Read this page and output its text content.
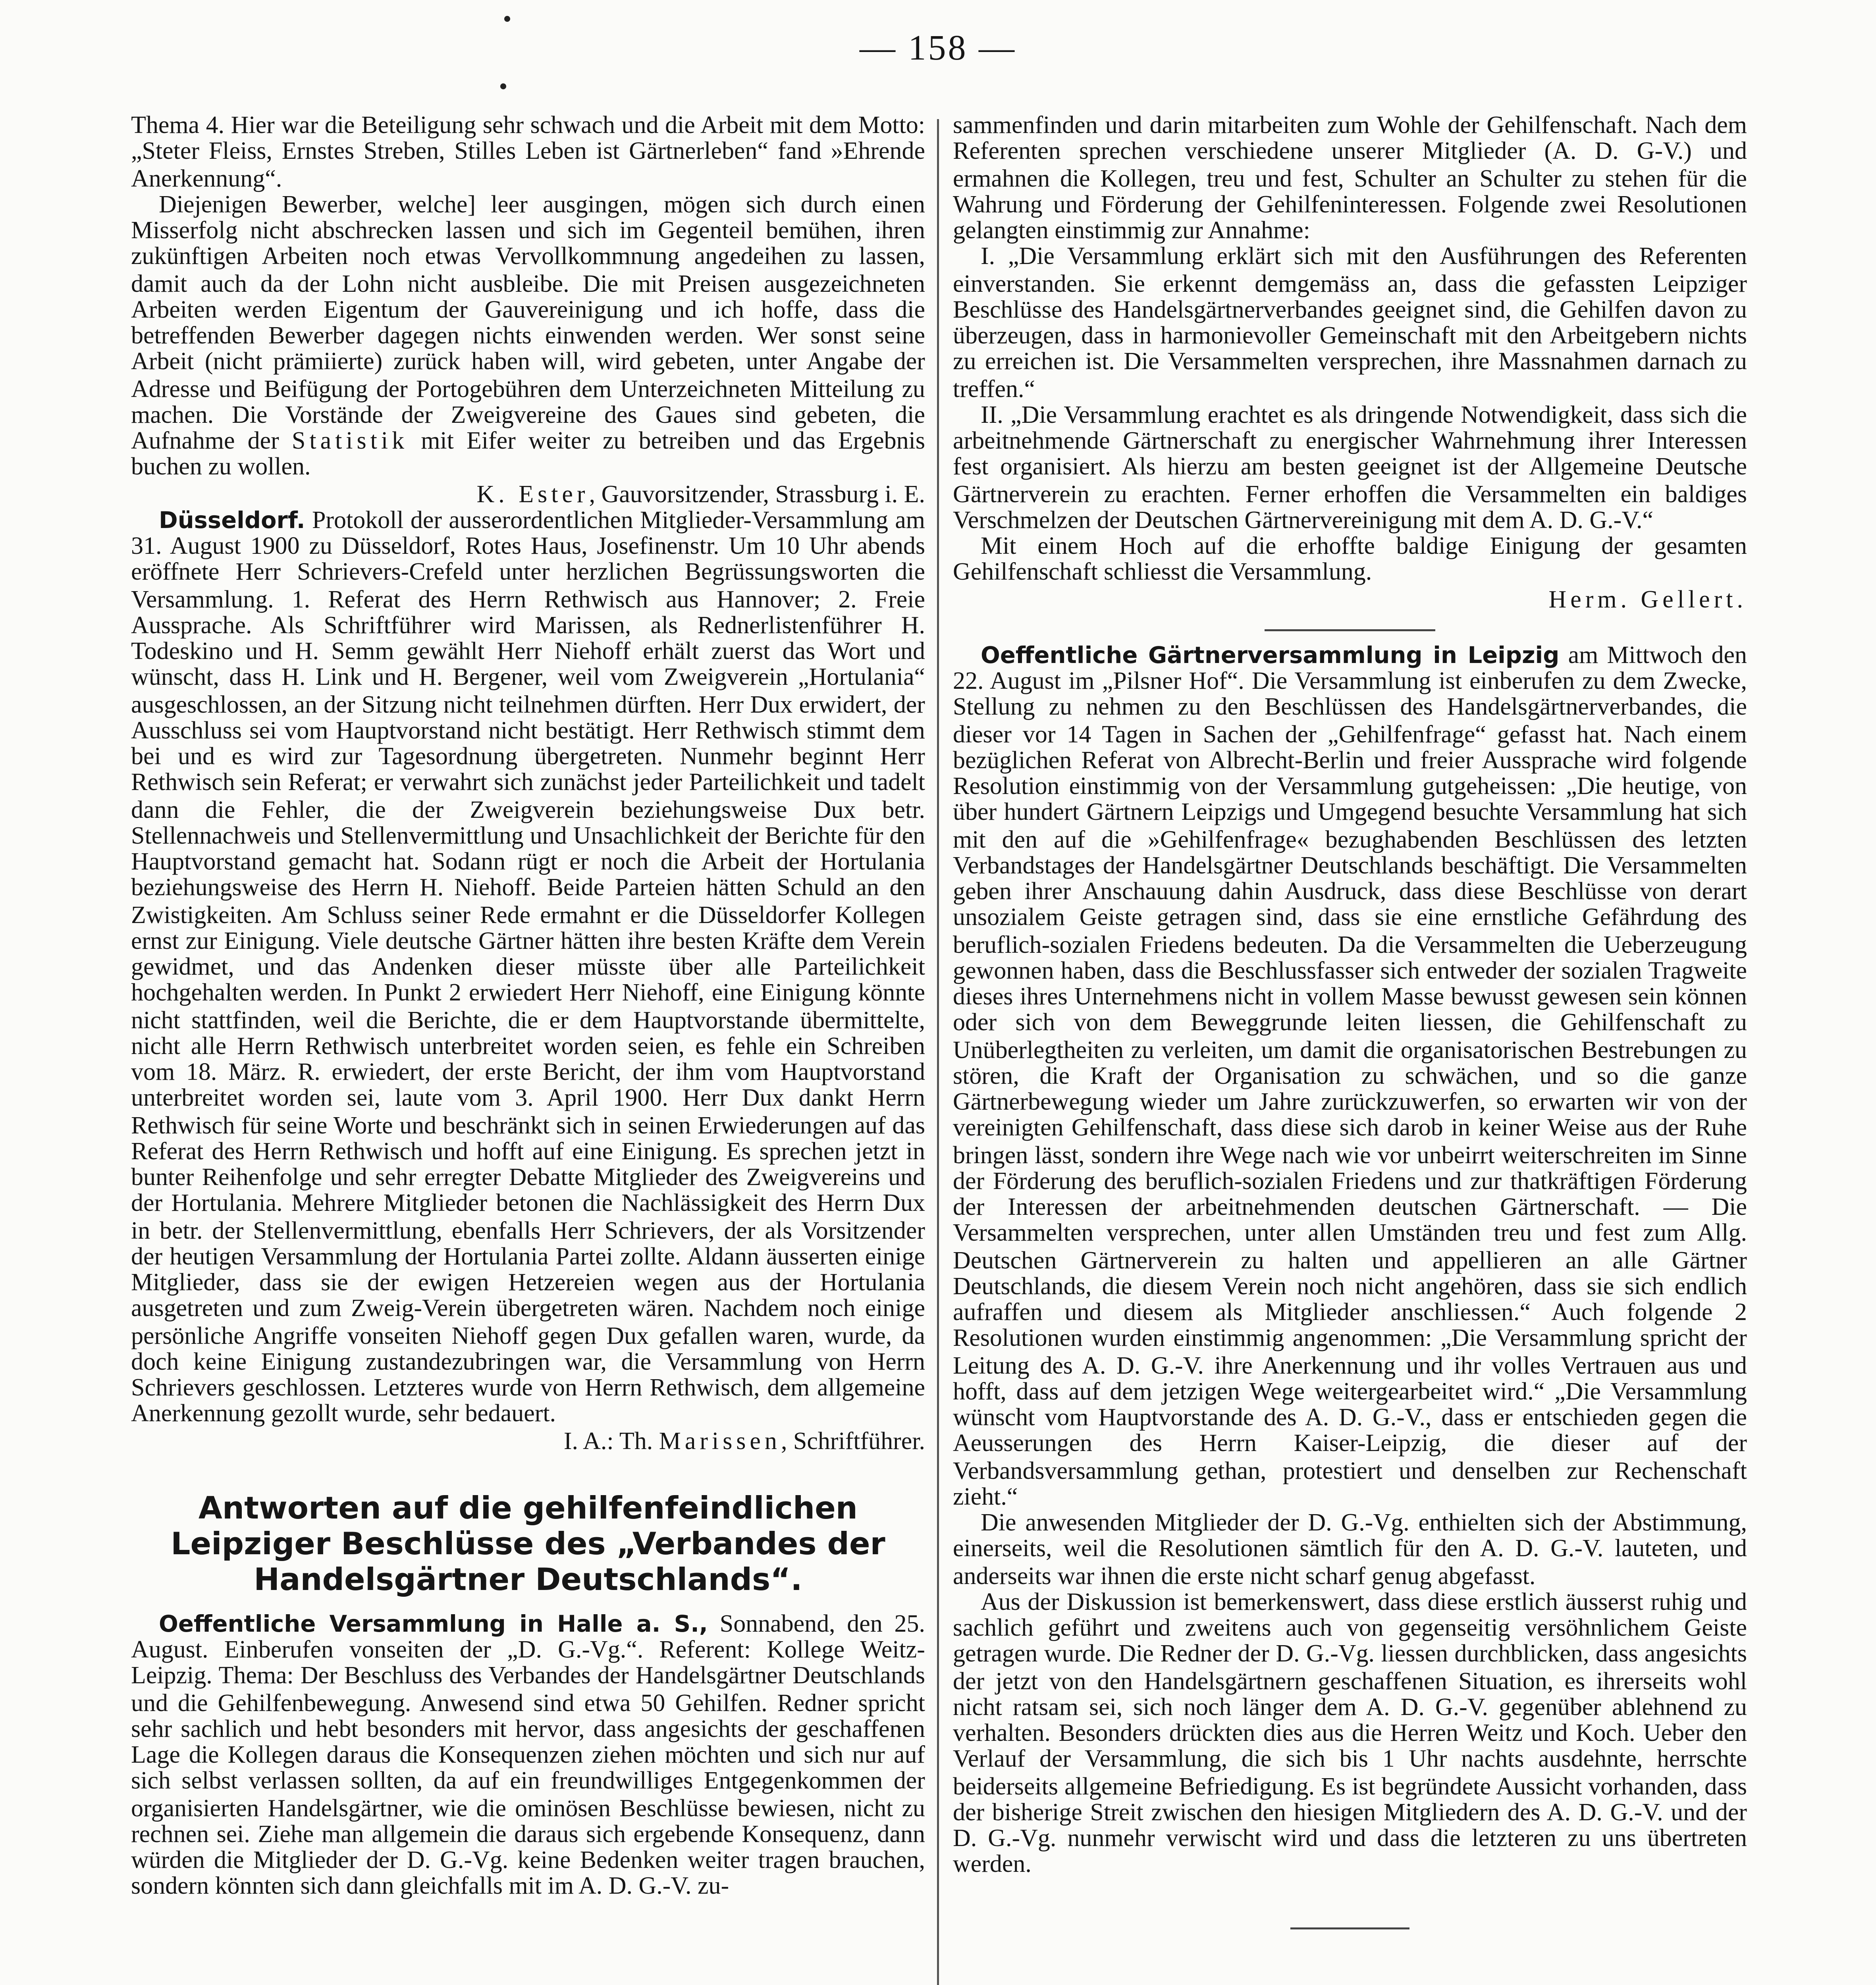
— 158 —

Thema 4. Hier war die Beteiligung sehr schwach und die Arbeit mit dem Motto: „Steter Fleiss, Ernstes Streben, Stilles Leben ist Gärtnerleben“ fand »Ehrende Anerkennung“.

Diejenigen Bewerber, welche] leer ausgingen, mögen sich durch einen Misserfolg nicht abschrecken lassen und sich im Gegenteil bemühen, ihren zukünftigen Arbeiten noch etwas Vervollkommnung angedeihen zu lassen, damit auch da der Lohn nicht ausbleibe. Die mit Preisen ausgezeichneten Arbeiten werden Eigentum der Gauvereinigung und ich hoffe, dass die betreffenden Bewerber dagegen nichts einwenden werden. Wer sonst seine Arbeit (nicht prämiierte) zurück haben will, wird gebeten, unter Angabe der Adresse und Beifügung der Portogebühren dem Unterzeichneten Mitteilung zu machen. Die Vorstände der Zweigvereine des Gaues sind gebeten, die Aufnahme der	Statistik	mit Eifer weiter zu betreiben und das Ergebnis buchen zu wollen.

K. Ester, Gauvorsitzender, Strassburg i. E.

Düsseldorf. Protokoll der ausserordentlichen Mitglieder-Versammlung am 31. August 1900 zu Düsseldorf, Rotes Haus, Josefinenstr. Um 10 Uhr abends eröffnete Herr Schrievers-Crefeld unter herzlichen Begrüssungsworten die Versammlung. 1. Referat des Herrn Rethwisch aus Hannover; 2. Freie Aussprache. Als Schriftführer wird Marissen, als Rednerlistenführer H. Todeskino und H. Semm gewählt Herr Niehoff erhält zuerst das Wort und wünscht, dass H. Link und H. Bergener, weil vom Zweigverein „Hortulania“ ausgeschlossen, an der Sitzung nicht teilnehmen dürften. Herr Dux erwidert, der Ausschluss sei vom Hauptvorstand nicht bestätigt. Herr Rethwisch stimmt dem bei und es wird zur Tagesordnung übergetreten. Nunmehr beginnt Herr Rethwisch sein Referat; er verwahrt sich zunächst jeder Parteilichkeit und tadelt dann die Fehler, die der Zweigverein beziehungsweise Dux betr. Stellennachweis und Stellenvermittlung und Unsachlichkeit der Berichte für den Hauptvorstand gemacht hat. Sodann rügt er noch die Arbeit der Hortulania beziehungsweise des Herrn H. Niehoff. Beide Parteien hätten Schuld an den Zwistigkeiten. Am Schluss seiner Rede ermahnt er die Düsseldorfer Kollegen ernst zur Einigung. Viele deutsche Gärtner hätten ihre besten Kräfte dem Verein gewidmet, und das Andenken dieser müsste über alle Parteilichkeit hochgehalten werden. In Punkt 2 erwiedert Herr Niehoff, eine Einigung könnte nicht stattfinden, weil die Berichte, die er dem Hauptvorstande übermittelte, nicht alle Herrn Rethwisch unterbreitet worden seien, es fehle ein Schreiben vom 18. März. R. erwiedert, der erste Bericht, der ihm vom Hauptvorstand unterbreitet worden sei, laute vom 3. April 1900. Herr Dux dankt Herrn Rethwisch für seine Worte und beschränkt sich in seinen Erwiederungen auf das Referat des Herrn Rethwisch und hofft auf eine Einigung. Es sprechen jetzt in bunter Reihenfolge und sehr erregter Debatte Mitglieder des Zweigvereins und der Hortulania. Mehrere Mitglieder betonen die Nachlässigkeit des Herrn Dux in betr. der Stellenvermittlung, ebenfalls Herr Schrievers, der als Vorsitzender der heutigen Versammlung der Hortulania Partei zollte. Aldann äusserten einige Mitglieder, dass sie der ewigen Hetzereien wegen aus der Hortulania ausgetreten und zum Zweig-Verein übergetreten wären. Nachdem noch einige persönliche Angriffe vonseiten Niehoff gegen Dux gefallen waren, wurde, da doch keine Einigung zustandezubringen war, die Versammlung von Herrn Schrievers geschlossen. Letzteres wurde von Herrn Rethwisch, dem allgemeine Anerkennung gezollt wurde, sehr bedauert.

I. A.: Th. Marissen, Schriftführer.

Antworten auf die gehilfenfeindlichen Leipziger Beschlüsse des „Verbandes der Handelsgärtner Deutschlands“.

Oeffentliche Versammlung in Halle a. S., Sonnabend, den 25. August. Einberufen vonseiten der „D. G.-Vg.“. Referent: Kollege Weitz-Leipzig. Thema: Der Beschluss des Verbandes der Handelsgärtner Deutschlands und die Gehilfenbewegung. Anwesend sind etwa 50 Gehilfen. Redner spricht sehr sachlich und hebt besonders mit hervor, dass angesichts der geschaffenen Lage die Kollegen daraus die Konsequenzen ziehen möchten und sich nur auf sich selbst verlassen sollten, da auf ein freundwilliges Entgegenkommen der organisierten Handelsgärtner, wie die ominösen Beschlüsse bewiesen, nicht zu rechnen sei. Ziehe man allgemein die daraus sich ergebende Konsequenz, dann würden die Mitglieder der D. G.-Vg. keine Bedenken weiter tragen brauchen, sondern könnten sich dann gleichfalls mit im A. D. G.-V. zu-

sammenfinden und darin mitarbeiten zum Wohle der Gehilfenschaft. Nach dem Referenten sprechen verschiedene unserer Mitglieder (A. D. G-V.) und ermahnen die Kollegen, treu und fest, Schulter an Schulter zu stehen für die Wahrung und Förderung der Gehilfeninteressen. Folgende zwei Resolutionen gelangten einstimmig zur Annahme:

I. „Die Versammlung erklärt sich mit den Ausführungen des Referenten einverstanden. Sie erkennt demgemäss an, dass die gefassten Leipziger Beschlüsse des Handelsgärtnerverbandes geeignet sind, die Gehilfen davon zu überzeugen, dass in harmonievoller Gemeinschaft mit den Arbeitgebern nichts zu erreichen ist. Die Versammelten versprechen, ihre Massnahmen darnach zu treffen.“

II. „Die Versammlung erachtet es als dringende Notwendigkeit, dass sich die arbeitnehmende Gärtnerschaft zu energischer Wahrnehmung ihrer Interessen fest organisiert. Als hierzu am besten geeignet ist der Allgemeine Deutsche Gärtnerverein zu erachten. Ferner erhoffen die Versammelten ein baldiges Verschmelzen der Deutschen Gärtnervereinigung mit dem A. D. G.-V.“

Mit einem Hoch auf die erhoffte baldige Einigung der gesamten Gehilfenschaft schliesst die Versammlung.

Herm. Gellert.

Oeffentliche Gärtnerversammlung in Leipzig am Mittwoch den 22. August im „Pilsner Hof“. Die Versammlung ist einberufen zu dem Zwecke, Stellung zu nehmen zu den Beschlüssen des Handelsgärtnerverbandes, die dieser vor 14 Tagen in Sachen der „Gehilfenfrage“ gefasst hat. Nach einem bezüglichen Referat von Albrecht-Berlin und freier Aussprache wird folgende Resolution einstimmig von der Versammlung gutgeheissen: „Die heutige, von über hundert Gärtnern Leipzigs und Umgegend besuchte Versammlung hat sich mit den auf die »Gehilfenfrage« bezughabenden Beschlüssen des letzten Verbandstages der Handelsgärtner Deutschlands beschäftigt. Die Versammelten geben ihrer Anschauung dahin Ausdruck, dass diese Beschlüsse von derart unsozialem Geiste getragen sind, dass sie eine ernstliche Gefährdung des beruflich-sozialen Friedens bedeuten. Da die Versammelten die Ueberzeugung gewonnen haben, dass die Beschlussfasser sich entweder der sozialen Tragweite dieses ihres Unternehmens nicht in vollem Masse bewusst gewesen sein können oder sich von dem Beweggrunde leiten liessen, die Gehilfenschaft zu Unüberlegtheiten zu verleiten, um damit die organisatorischen Bestrebungen zu stören, die Kraft der Organisation zu schwächen, und so die ganze Gärtnerbewegung wieder um Jahre zurückzuwerfen, so erwarten wir von der vereinigten Gehilfenschaft, dass diese sich darob in keiner Weise aus der Ruhe bringen lässt, sondern ihre Wege nach wie vor unbeirrt weiterschreiten im Sinne der Förderung des beruflich-sozialen Friedens und zur thatkräftigen Förderung der Interessen der arbeitnehmenden deutschen Gärtnerschaft. — Die Versammelten versprechen, unter allen Umständen treu und fest zum Allg. Deutschen Gärtnerverein zu halten und appellieren an alle Gärtner Deutschlands, die diesem Verein noch nicht angehören, dass sie sich endlich aufraffen und diesem als Mitglieder anschliessen.“ Auch folgende 2 Resolutionen wurden einstimmig angenommen: „Die Versammlung spricht der Leitung des A. D. G.-V. ihre Anerkennung und ihr volles Vertrauen aus und hofft, dass auf dem jetzigen Wege weitergearbeitet wird.“ „Die Versammlung wünscht vom Hauptvorstande des A. D. G.-V., dass er entschieden gegen die Aeusserungen des Herrn Kaiser-Leipzig, die dieser auf der Verbandsversammlung gethan, protestiert und denselben zur Rechenschaft zieht.“

Die anwesenden Mitglieder der D. G.-Vg. enthielten sich der Abstimmung, einerseits, weil die Resolutionen sämtlich für den A. D. G.-V. lauteten, und anderseits war ihnen die erste nicht scharf genug abgefasst.

Aus der Diskussion ist bemerkenswert, dass diese erstlich äusserst ruhig und sachlich geführt und zweitens auch von gegenseitig versöhnlichem Geiste getragen wurde. Die Redner der D. G.-Vg. liessen durchblicken, dass angesichts der jetzt von den Handelsgärtnern geschaffenen Situation, es ihrerseits wohl nicht ratsam sei, sich noch länger dem A. D. G.-V. gegenüber ablehnend zu verhalten. Besonders drückten dies aus die Herren Weitz und Koch. Ueber den Verlauf der Versammlung, die sich bis 1 Uhr nachts ausdehnte, herrschte beiderseits allgemeine Befriedigung. Es ist begründete Aussicht vorhanden, dass der bisherige Streit zwischen den hiesigen Mitgliedern des A. D. G.-V. und der D. G.-Vg. nunmehr verwischt wird und dass die letzteren zu uns übertreten werden.
